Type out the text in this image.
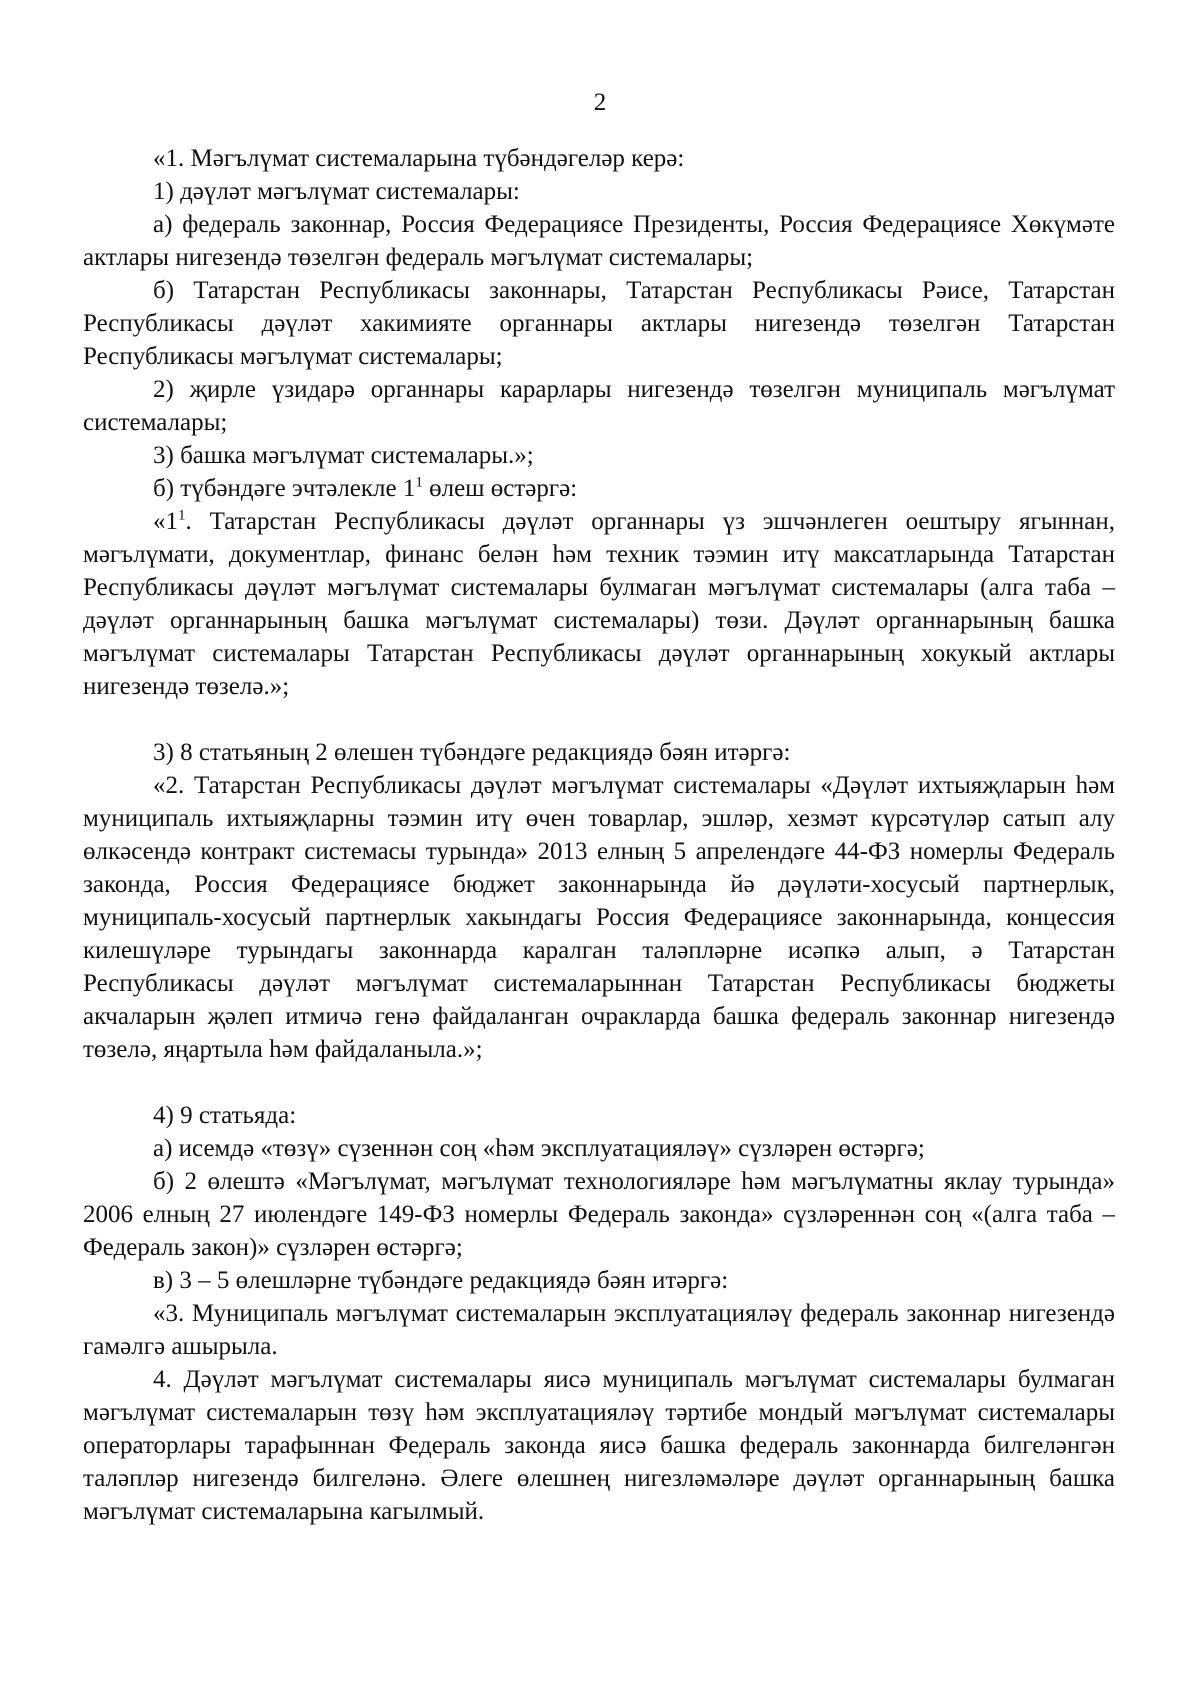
2

«1. Мәгълүмат системаларына түбәндәгеләр керә:

1) дәүләт мәгълүмат системалары:

а) федераль законнар, Россия Федерациясе Президенты, Россия Федерациясе Хөкүмәте актлары нигезендә төзелгән федераль мәгълүмат системалары;

б) Татарстан Республикасы законнары, Татарстан Республикасы Рәисе, Татарстан Республикасы дәүләт хакимияте органнары актлары нигезендә төзелгән Татарстан Республикасы мәгълүмат системалары;

2) җирле үзидарә органнары карарлары нигезендә төзелгән муниципаль мәгълүмат системалары;

3) башка мәгълүмат системалары.»;

б) түбәндәге эчтәлекле $1^1$ өлеш өстәргә:

«$1^1$. Татарстан Республикасы дәүләт органнары үз эшчәнлеген оештыру ягыннан, мәгълүмати, документлар, финанс белән һәм техник тәэмин итү максатларында Татарстан Республикасы дәүләт мәгълүмат системалары булмаган мәгълүмат системалары (алга таба – дәүләт органнарының башка мәгълүмат системалары) төзи. Дәүләт органнарының башка мәгълүмат системалары Татарстан Республикасы дәүләт органнарының хокукый актлары нигезендә төзелә.»;

3) 8 статьяның 2 өлешен түбәндәге редакциядә бәян итәргә:

«2. Татарстан Республикасы дәүләт мәгълүмат системалары «Дәүләт ихтыяҗларын һәм муниципаль ихтыяҗларны тәэмин итү өчен товарлар, эшләр, хезмәт күрсәтүләр сатып алу өлкәсендә контракт системасы турында» 2013 елның 5 апрелендәге 44-ФЗ номерлы Федераль законда, Россия Федерациясе бюджет законнарында йә дәүләти-хосусый партнерлык, муниципаль-хосусый партнерлык хакындагы Россия Федерациясе законнарында, концессия килешүләре турындагы законнарда каралган таләпләрне исәпкә алып, ә Татарстан Республикасы дәүләт мәгълүмат системаларыннан Татарстан Республикасы бюджеты акчаларын җәлеп итмичә генә файдаланган очракларда башка федераль законнар нигезендә төзелә, яңартыла һәм файдаланыла.»;

4) 9 статьяда:

а) исемдә «төзү» сүзеннән соң «һәм эксплуатацияләү» сүзләрен өстәргә;

б) 2 өлештә «Мәгълүмат, мәгълүмат технологияләре һәм мәгълүматны яклау турында» 2006 елның 27 июлендәге 149-ФЗ номерлы Федераль законда» сүзләреннән соң «(алга таба – Федераль закон)» сүзләрен өстәргә;

в) 3 – 5 өлешләрне түбәндәге редакциядә бәян итәргә:

«3. Муниципаль мәгълүмат системаларын эксплуатацияләү федераль законнар нигезендә гамәлгә ашырыла.

4. Дәүләт мәгълүмат системалары яисә муниципаль мәгълүмат системалары булмаган мәгълүмат системаларын төзү һәм эксплуатацияләү тәртибе мондый мәгълүмат системалары операторлары тарафыннан Федераль законда яисә башка федераль законнарда билгеләнгән таләпләр нигезендә билгеләнә. Әлеге өлешнең нигезләмәләре дәүләт органнарының башка мәгълүмат системаларына кагылмый.
